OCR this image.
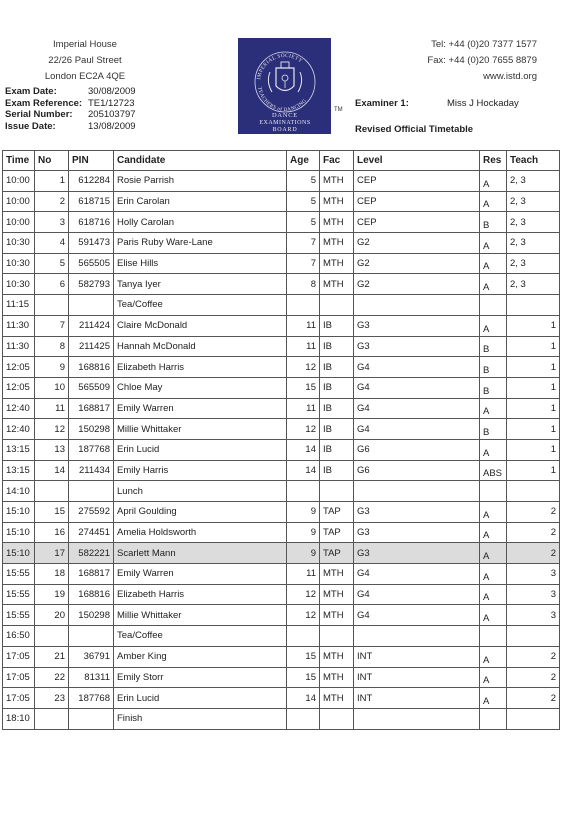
Imperial House
22/26 Paul Street
London EC2A 4QE
Tel: +44 (0)20 7377 1577
Fax: +44 (0)20 7655 8879
www.istd.org
IMPERIAL SOCIETY
TEACHERS of DANCING
DANCE
EXAMINATIONS
BOARD
TM
Exam Date:	30/08/2009
Exam Reference: TE1/12723
Serial Number:	205103797
Issue Date:	13/08/2009
Examiner 1:	Miss J Hockaday
Revised Official Timetable
Time	No	PIN	Candidate	Age	Fac	Level	Res	Teach
10:00	1	612284	Rosie Parrish	5	MTH	CEP	A	2, 3
10:00	2	618715	Erin Carolan	5	MTH	CEP	A	2, 3
10:00	3	618716	Holly Carolan	5	MTH	CEP	B	2, 3
10:30	4	591473	Paris Ruby Ware-Lane	7	MTH	G2	A	2, 3
10:30	5	565505	Elise Hills	7	MTH	G2	A	2, 3
10:30	6	582793	Tanya Iyer	8	MTH	G2	A	2, 3
11:15			Tea/Coffee					
11:30	7	211424	Claire McDonald	11	IB	G3	A	1
11:30	8	211425	Hannah McDonald	11	IB	G3	B	1
12:05	9	168816	Elizabeth Harris	12	IB	G4	B	1
12:05	10	565509	Chloe May	15	IB	G4	B	1
12:40	11	168817	Emily Warren	11	IB	G4	A	1
12:40	12	150298	Millie Whittaker	12	IB	G4	B	1
13:15	13	187768	Erin Lucid	14	IB	G6	A	1
13:15	14	211434	Emily Harris	14	IB	G6	ABS	1
14:10			Lunch					
15:10	15	275592	April Goulding	9	TAP	G3	A	2
15:10	16	274451	Amelia Holdsworth	9	TAP	G3	A	2
15:10	17	582221	Scarlett Mann	9	TAP	G3	A	2
15:55	18	168817	Emily Warren	11	MTH	G4	A	3
15:55	19	168816	Elizabeth Harris	12	MTH	G4	A	3
15:55	20	150298	Millie Whittaker	12	MTH	G4	A	3
16:50			Tea/Coffee					
17:05	21	36791	Amber King	15	MTH	INT	A	2
17:05	22	81311	Emily Storr	15	MTH	INT	A	2
17:05	23	187768	Erin Lucid	14	MTH	INT	A	2
18:10			Finish					
